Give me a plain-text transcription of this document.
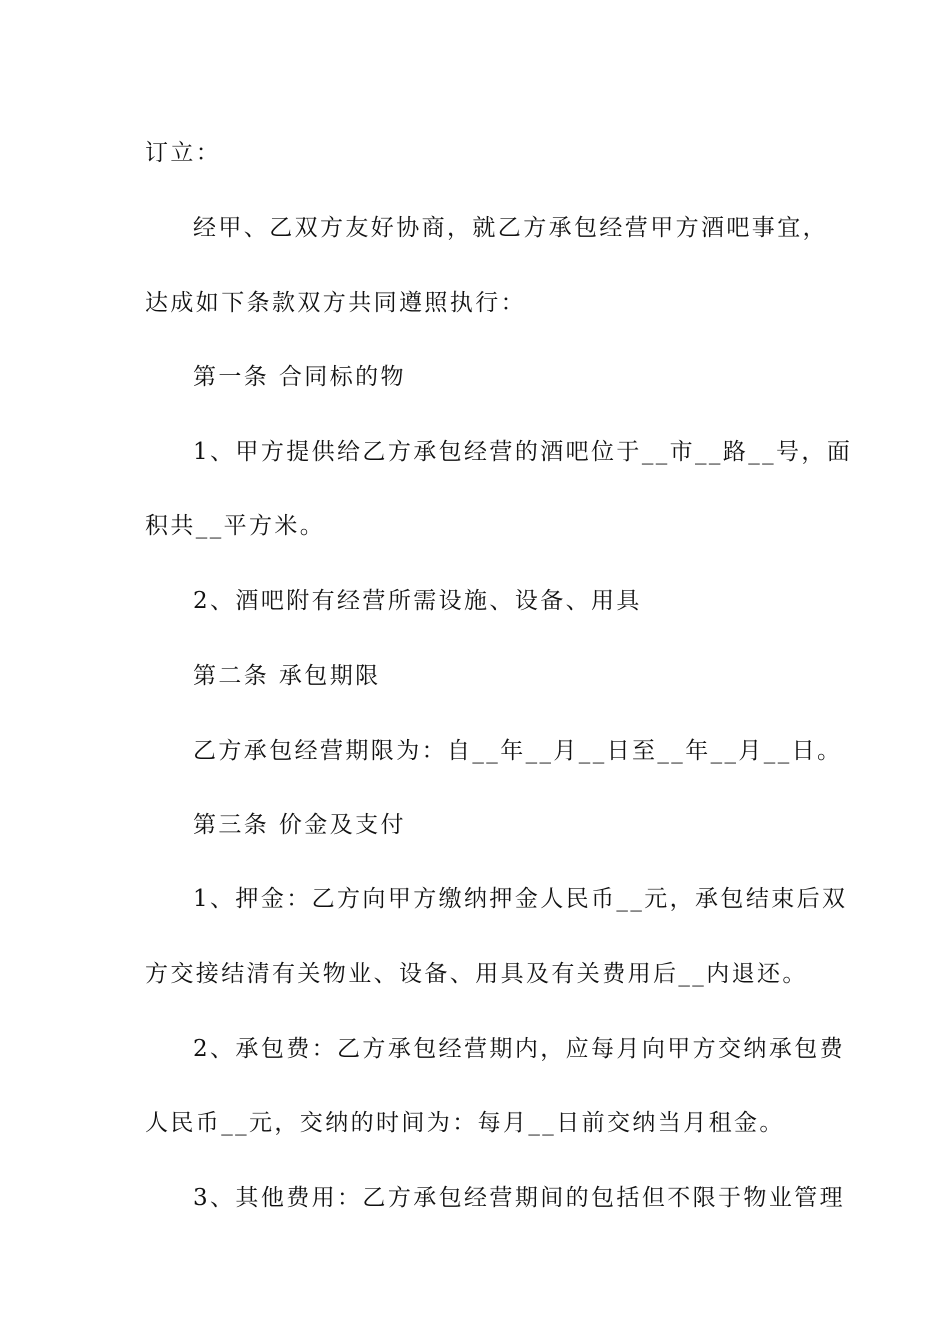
订立：
经甲、乙双方友好协商，就乙方承包经营甲方酒吧事宜，
达成如下条款双方共同遵照执行：
第一条 合同标的物
1、甲方提供给乙方承包经营的酒吧位于__市__路__号，面
积共__平方米。
2、酒吧附有经营所需设施、设备、用具
第二条 承包期限
乙方承包经营期限为：自__年__月__日至__年__月__日。
第三条 价金及支付
1、押金：乙方向甲方缴纳押金人民币__元，承包结束后双
方交接结清有关物业、设备、用具及有关费用后__内退还。
2、承包费：乙方承包经营期内，应每月向甲方交纳承包费
人民币__元，交纳的时间为：每月__日前交纳当月租金。
3、其他费用：乙方承包经营期间的包括但不限于物业管理
